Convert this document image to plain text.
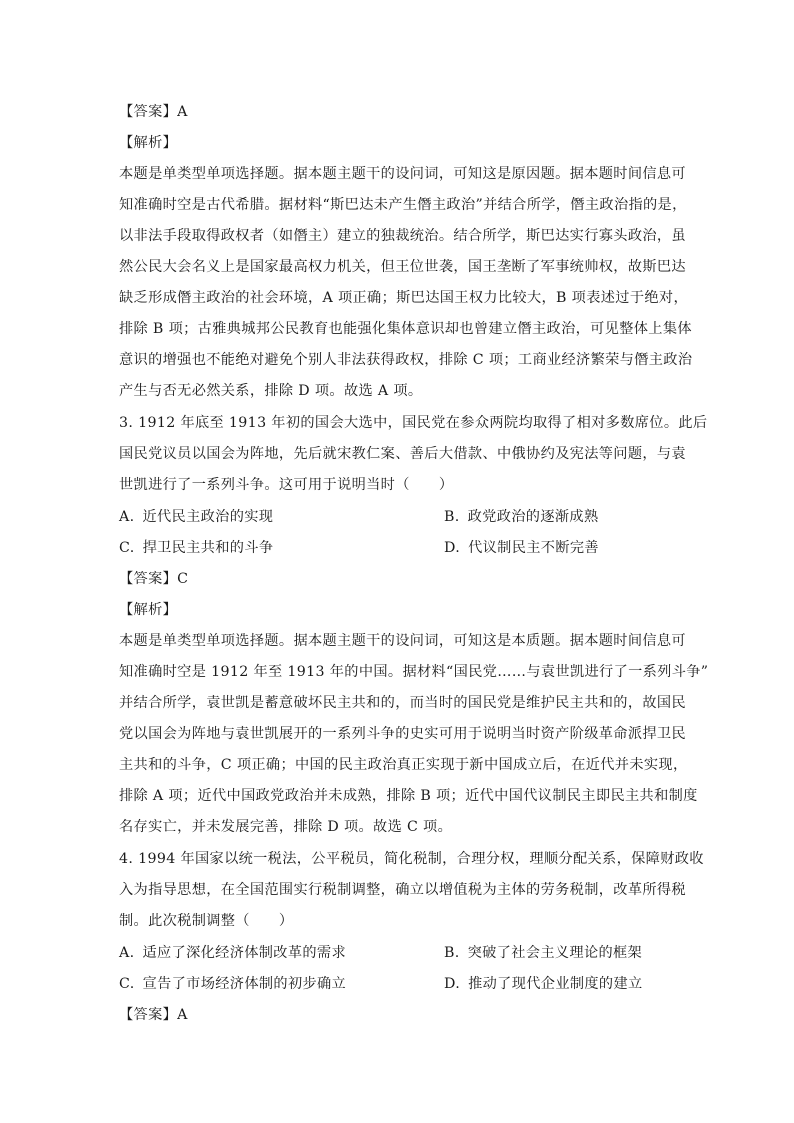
【答案】A
【解析】
本题是单类型单项选择题。据本题主题干的设问词，可知这是原因题。据本题时间信息可
知准确时空是古代希腊。据材料“斯巴达未产生僭主政治”并结合所学，僭主政治指的是，
以非法手段取得政权者（如僭主）建立的独裁统治。结合所学，斯巴达实行寡头政治，虽
然公民大会名义上是国家最高权力机关，但王位世袭，国王垄断了军事统帅权，故斯巴达
缺乏形成僭主政治的社会环境，A 项正确；斯巴达国王权力比较大，B 项表述过于绝对，
排除 B 项；古雅典城邦公民教育也能强化集体意识却也曾建立僭主政治，可见整体上集体
意识的增强也不能绝对避免个别人非法获得政权，排除 C 项；工商业经济繁荣与僭主政治
产生与否无必然关系，排除 D 项。故选 A 项。
3. 1912 年底至 1913 年初的国会大选中，国民党在参众两院均取得了相对多数席位。此后
国民党议员以国会为阵地，先后就宋教仁案、善后大借款、中俄协约及宪法等问题，与袁
世凯进行了一系列斗争。这可用于说明当时（　　）
A. 近代民主政治的实现	B. 政党政治的逐渐成熟
C. 捍卫民主共和的斗争	D. 代议制民主不断完善
【答案】C
【解析】
本题是单类型单项选择题。据本题主题干的设问词，可知这是本质题。据本题时间信息可
知准确时空是 1912 年至 1913 年的中国。据材料“国民党……与袁世凯进行了一系列斗争”
并结合所学，袁世凯是蓄意破坏民主共和的，而当时的国民党是维护民主共和的，故国民
党以国会为阵地与袁世凯展开的一系列斗争的史实可用于说明当时资产阶级革命派捍卫民
主共和的斗争，C 项正确；中国的民主政治真正实现于新中国成立后，在近代并未实现，
排除 A 项；近代中国政党政治并未成熟，排除 B 项；近代中国代议制民主即民主共和制度
名存实亡，并未发展完善，排除 D 项。故选 C 项。
4. 1994 年国家以统一税法，公平税员，简化税制，合理分权，理顺分配关系，保障财政收
入为指导思想，在全国范围实行税制调整，确立以增值税为主体的劳务税制，改革所得税
制。此次税制调整（　　）
A. 适应了深化经济体制改革的需求	B. 突破了社会主义理论的框架
C. 宣告了市场经济体制的初步确立	D. 推动了现代企业制度的建立
【答案】A
